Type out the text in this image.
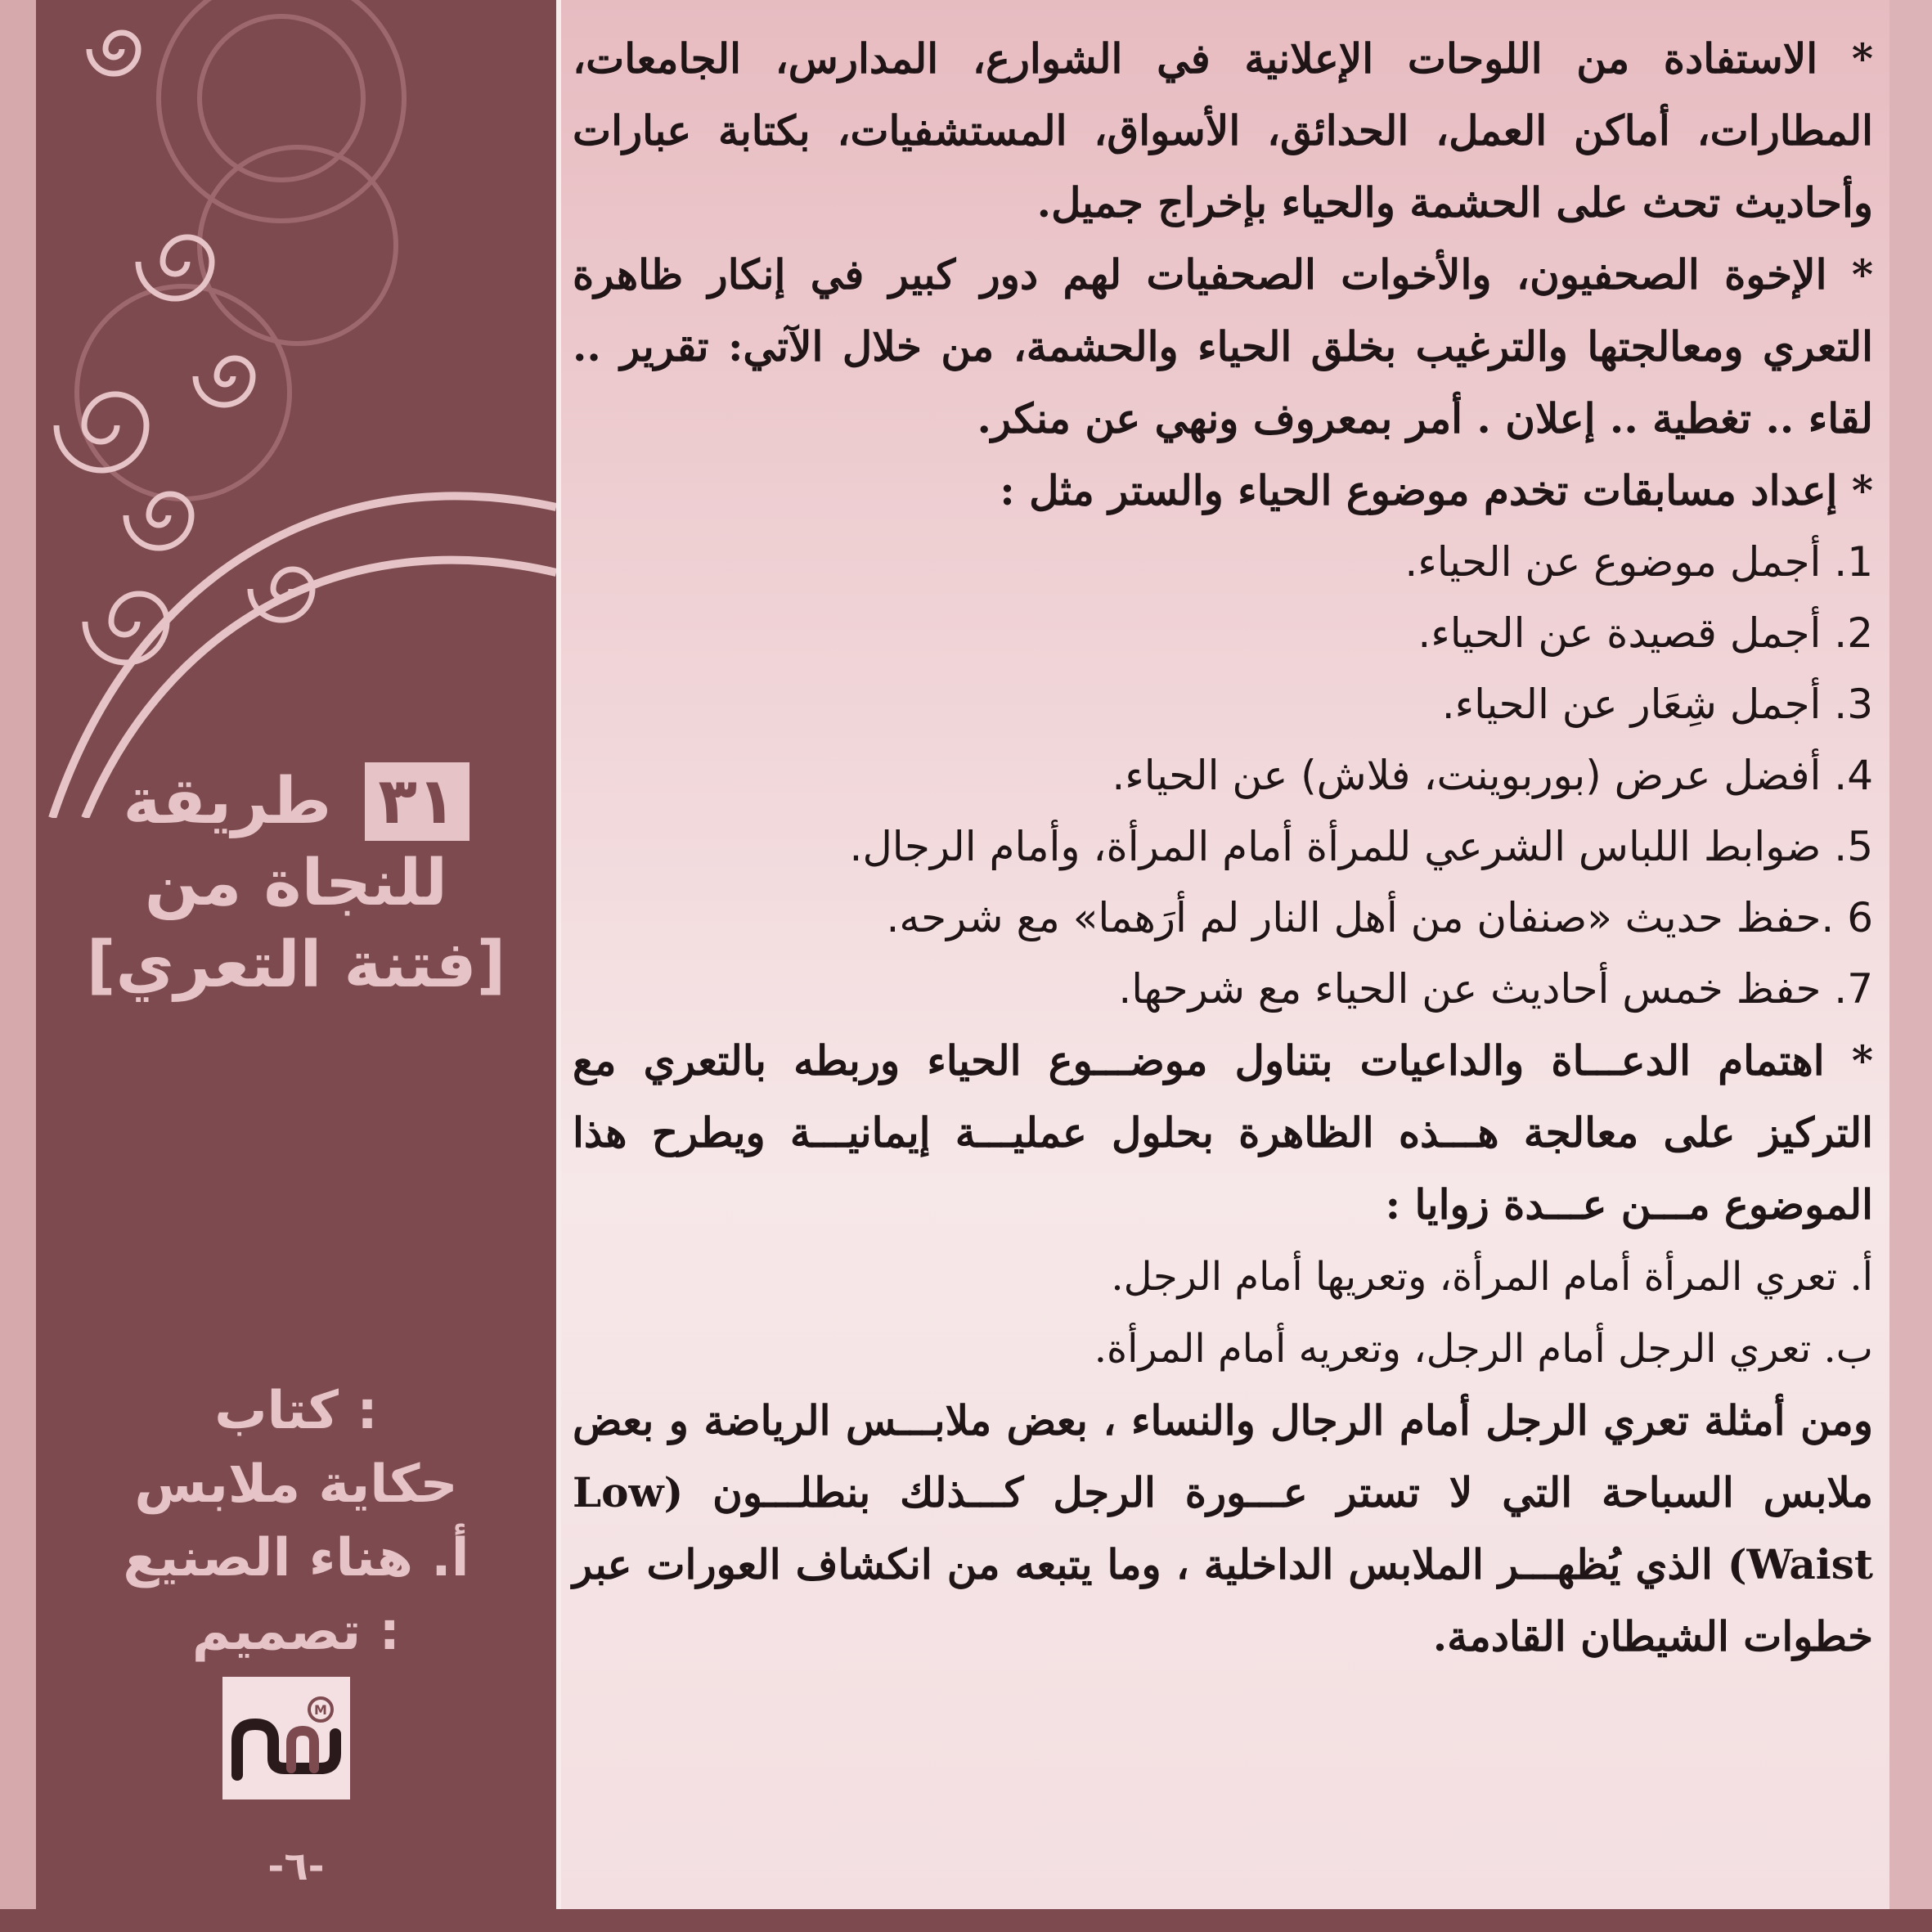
طريقة ٣١
للنجاة من
[فتنة التعري]
كتاب :
حكاية ملابس
أ. هناء الصنيع
تصميم :
M
-٦-

* الاستفادة من اللوحات الإعلانية في الشوارع، المدارس، الجامعات، المطارات، أماكن العمل، الحدائق، الأسواق، المستشفيات، بكتابة عبارات وأحاديث تحث على الحشمة والحياء بإخراج جميل.

* الإخوة الصحفيون، والأخوات الصحفيات لهم دور كبير في إنكار ظاهرة التعري ومعالجتها والترغيب بخلق الحياء والحشمة، من خلال الآتي: تقرير .. لقاء .. تغطية .. إعلان . أمر بمعروف ونهي عن منكر.

* إعداد مسابقات تخدم موضوع الحياء والستر مثل :

1. أجمل موضوع عن الحياء.

2. أجمل قصيدة عن الحياء.

3. أجمل شِعَار عن الحياء.

4. أفضل عرض (بوربوينت، فلاش) عن الحياء.

5. ضوابط اللباس الشرعي للمرأة أمام المرأة، وأمام الرجال.

6 .حفظ حديث «صنفان من أهل النار لم أرَهما» مع شرحه.

7. حفظ خمس أحاديث عن الحياء مع شرحها.

* اهتمام الدعـــاة والداعيات بتناول موضـــوع الحياء وربطه بالتعري مع التركيز على معالجة هـــذه الظاهرة بحلول عمليـــة إيمانيـــة ويطرح هذا الموضوع مـــن عـــدة زوايا :

أ. تعري المرأة أمام المرأة، وتعريها أمام الرجل.

ب. تعري الرجل أمام الرجل، وتعريه أمام المرأة.

ومن أمثلة تعري الرجل أمام الرجال والنساء ، بعض ملابـــس الرياضة و بعض ملابس السباحة التي لا تستر عـــورة الرجل كـــذلك بنطلـــون (Low Waist) الذي يُظهـــر الملابس الداخلية ، وما يتبعه من انكشاف العورات عبر خطوات الشيطان القادمة.
